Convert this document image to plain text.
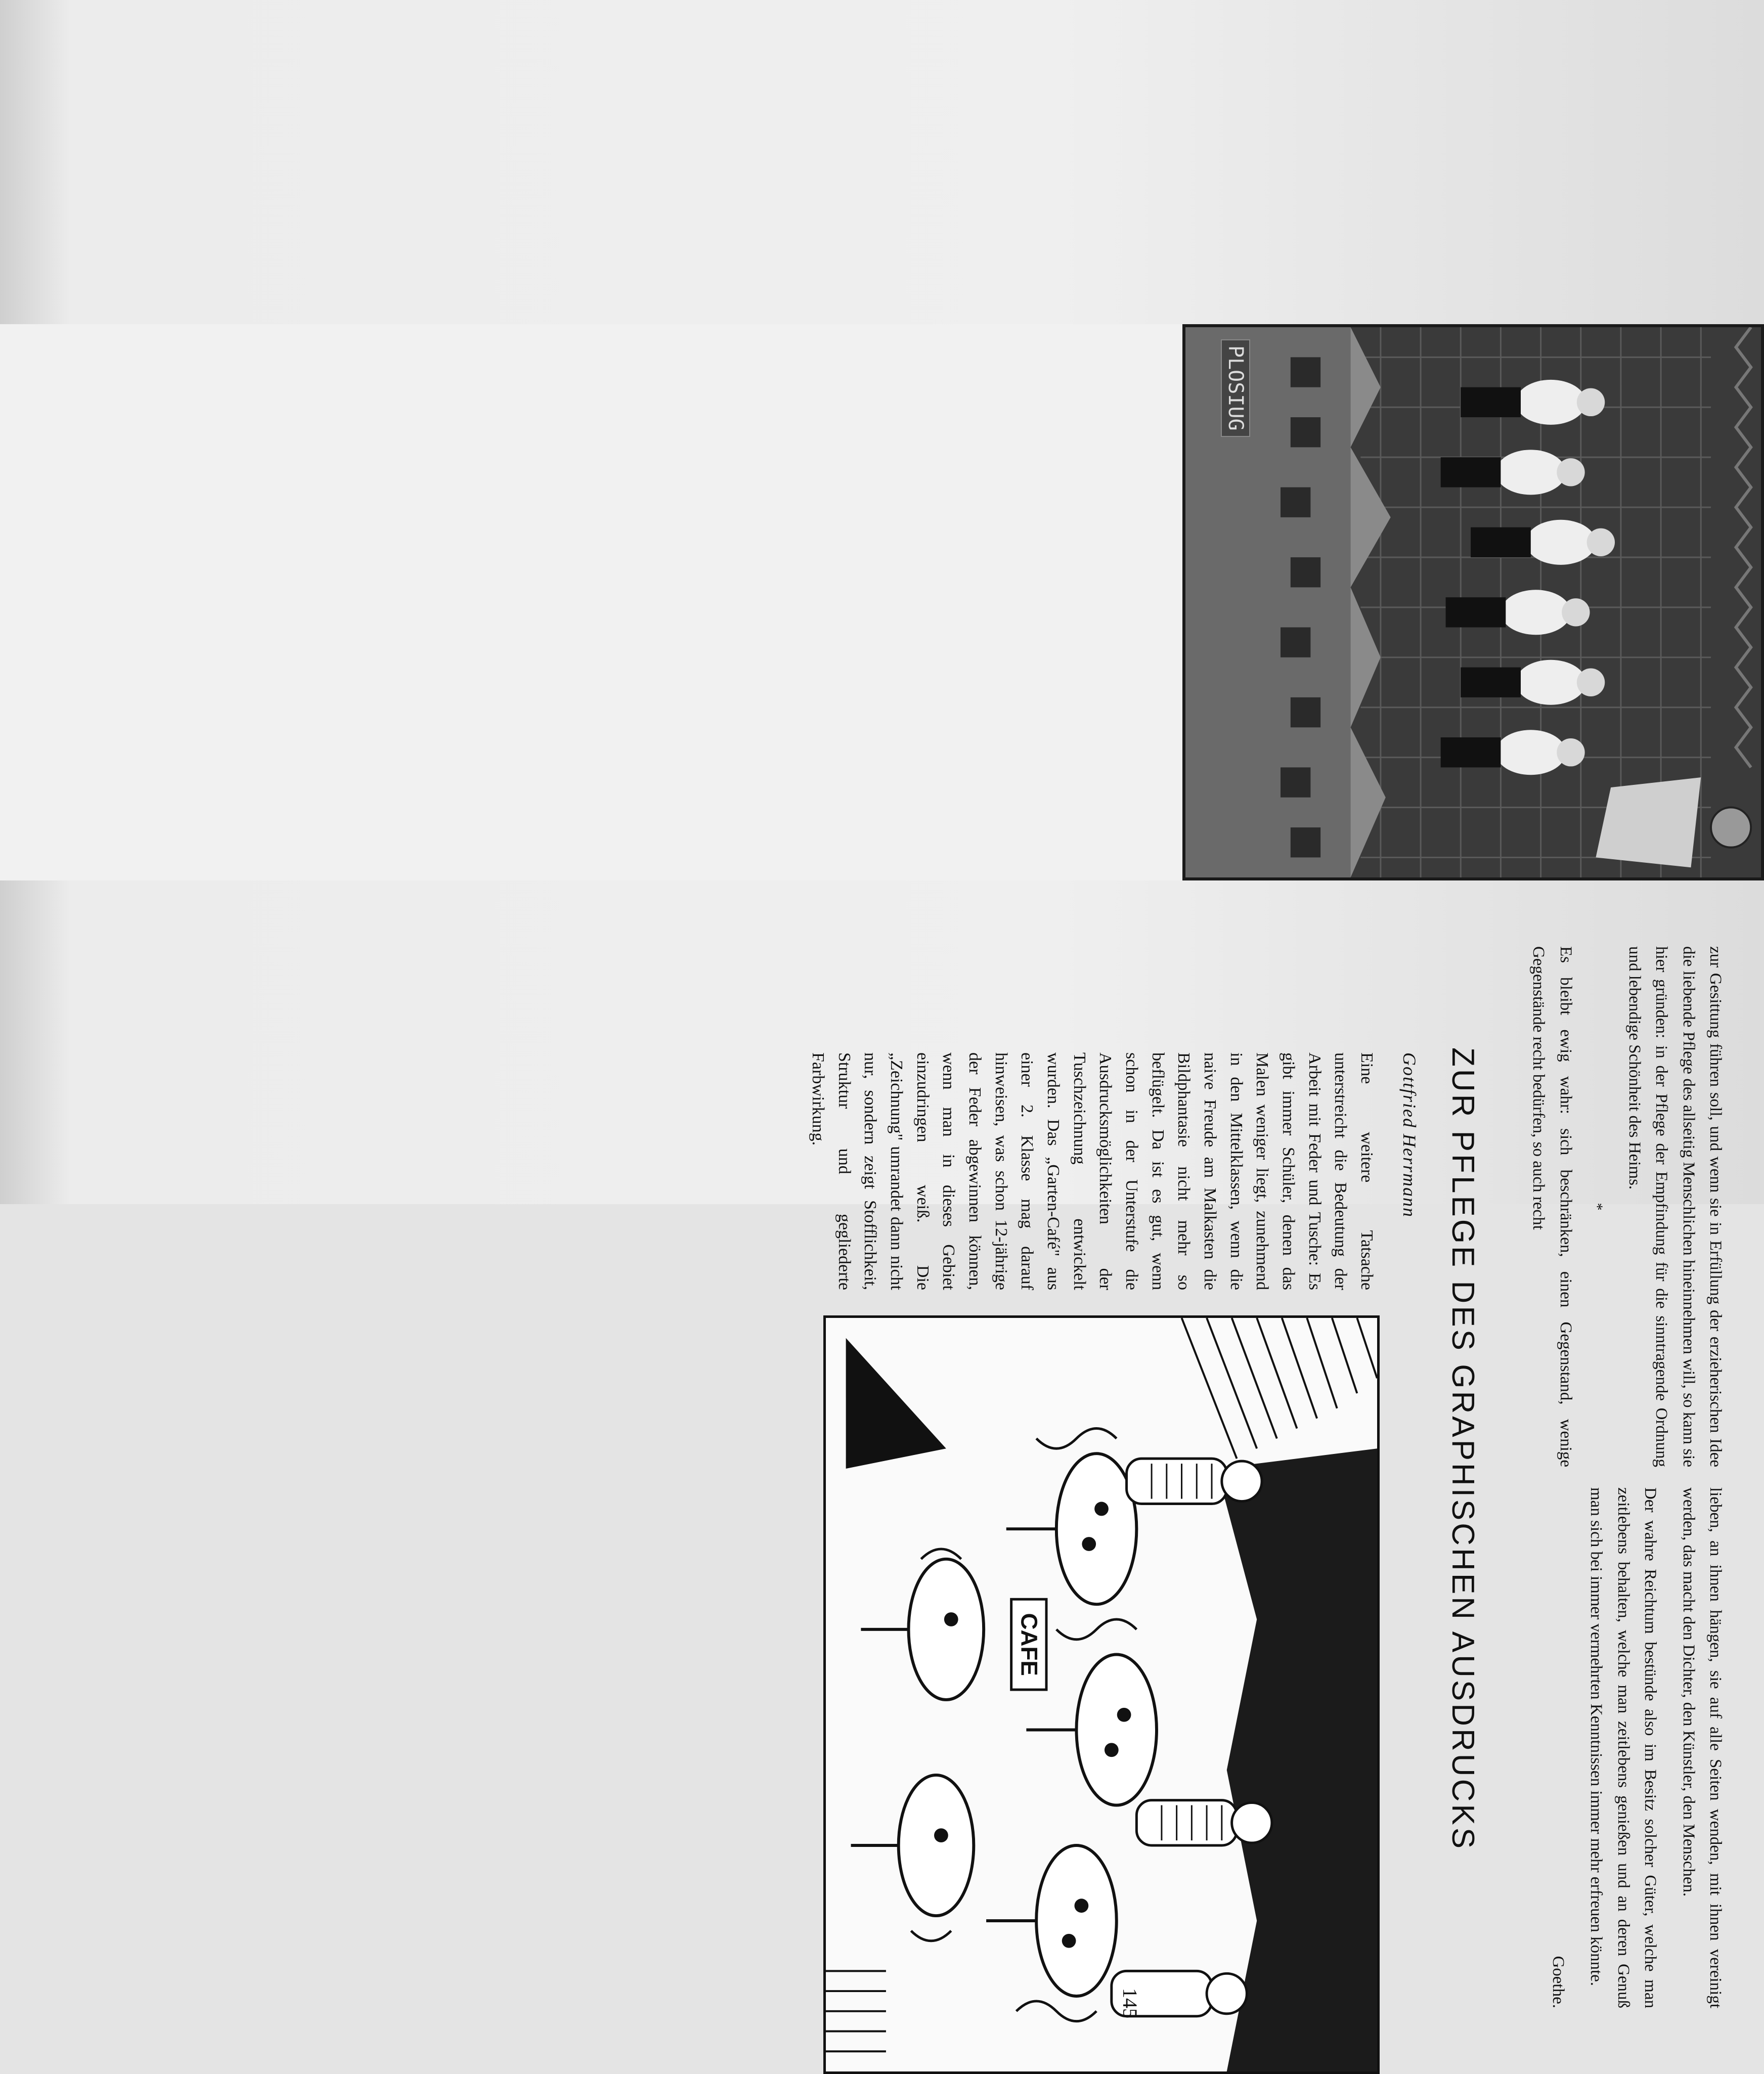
PLOSIUG

zur Gesittung führen soll, und wenn sie in Erfüllung der erzieherischen Idee die liebende Pflege des allseitig Menschlichen hineinnehmen will, so kann sie hier gründen: in der Pflege der Empfindung für die sinntragende Ordnung und lebendige Schönheit des Heims.

*

Es bleibt ewig wahr: sich beschränken, einen Gegenstand, wenige Gegenstände recht bedürfen, so auch recht

lieben, an ihnen hängen, sie auf alle Seiten wenden, mit ihnen vereinigt werden, das macht den Dichter, den Künstler, den Menschen.

Der wahre Reichtum bestünde also im Besitz solcher Güter, welche man zeitlebens behalten, welche man zeitlebens genießen und an deren Genuß man sich bei immer vermehrten Kenntnissen immer mehr erfreuen könnte.

Goethe.

ZUR PFLEGE DES GRAPHISCHEN AUSDRUCKS
Gottfried Herrmann
Eine weitere Tatsache unterstreicht die Bedeutung der Arbeit mit Feder und Tusche: Es gibt immer Schüler, denen das Malen weniger liegt, zunehmend in den Mittelklassen, wenn die naive Freude am Malkasten die Bildphantasie nicht mehr so beflügelt. Da ist es gut, wenn schon in der Unterstufe die Ausdrucksmöglichkeiten der Tuschzeichnung entwickelt wurden. Das „Garten-Café" aus einer 2. Klasse mag darauf hinweisen, was schon 12-jährige der Feder abgewinnen können, wenn man in dieses Gebiet einzudringen weiß. Die „Zeichnung" umrandet dann nicht nur, sondern zeigt Stofflichkeit, Struktur und gegliederte Farbwirkung.
CAFE
145
